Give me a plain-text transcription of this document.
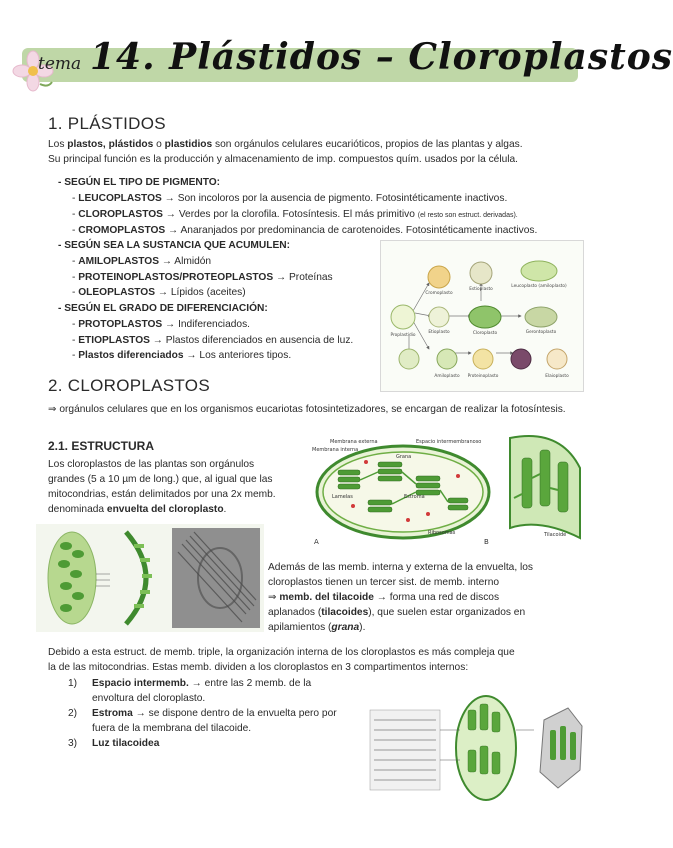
tema 14. Plástidos – Cloroplastos
1. PLÁSTIDOS
Los plastos, plástidos o plastidios son orgánulos celulares eucarióticos, propios de las plantas y algas.
Su principal función es la producción y almacenamiento de imp. compuestos quím. usados por la célula.
- SEGÚN EL TIPO DE PIGMENTO:
- LEUCOPLASTOS → Son incoloros por la ausencia de pigmento. Fotosintéticamente inactivos.
- CLOROPLASTOS → Verdes por la clorofila. Fotosíntesis. El más primitivo (el resto son estruct. derivadas).
- CROMOPLASTOS → Anaranjados por predominancia de carotenoides. Fotosintéticamente inactivos.
- SEGÚN SEA LA SUSTANCIA QUE ACUMULEN:
- AMILOPLASTOS → Almidón
- PROTEINOPLASTOS/PROTEOPLASTOS → Proteínas
- OLEOPLASTOS → Lípidos (aceites)
- SEGÚN EL GRADO DE DIFERENCIACIÓN:
- PROTOPLASTOS → Indiferenciados.
- ETIOPLASTOS → Plastos diferenciados en ausencia de luz.
- Plastos diferenciados → Los anteriores tipos.
Cromoplasto
Estioplasto
Leucoplasto (amiloplasto)
Proplastidio
Etioplasto	Cloroplasto	Gerontoplasto
Amiloplasto Proteinoplasto	Elaioplasto
2. CLOROPLASTOS
⇒ orgánulos celulares que en los organismos eucariotas fotosintetizadores, se encargan de realizar la fotosíntesis.
2.1. ESTRUCTURA
Los cloroplastos de las plantas son orgánulos
grandes (5 a 10 µm de long.) que, al igual que las
mitocondrias, están delimitados por una 2x memb.
denominada envuelta del cloroplasto.
Membrana externa
Membrana interna
Espacio intermembranoso
Lamelas
Ribosomas
Grana
Estroma
A	B
Tilacoide
Además de las memb. interna y externa de la envuelta, los
cloroplastos tienen un tercer sist. de memb. interno
⇒ memb. del tilacoide → forma una red de discos
aplanados (tilacoides), que suelen estar organizados en
apilamientos (grana).
Debido a esta estruct. de memb. triple, la organización interna de los cloroplastos es más compleja que
la de las mitocondrias. Estas memb. dividen a los cloroplastos en 3 compartimentos internos:
1) Espacio intermemb. → entre las 2 memb. de la
envoltura del cloroplasto.
2) Estroma → se dispone dentro de la envuelta pero por
fuera de la membrana del tilacoide.
3) Luz tilacoidea
